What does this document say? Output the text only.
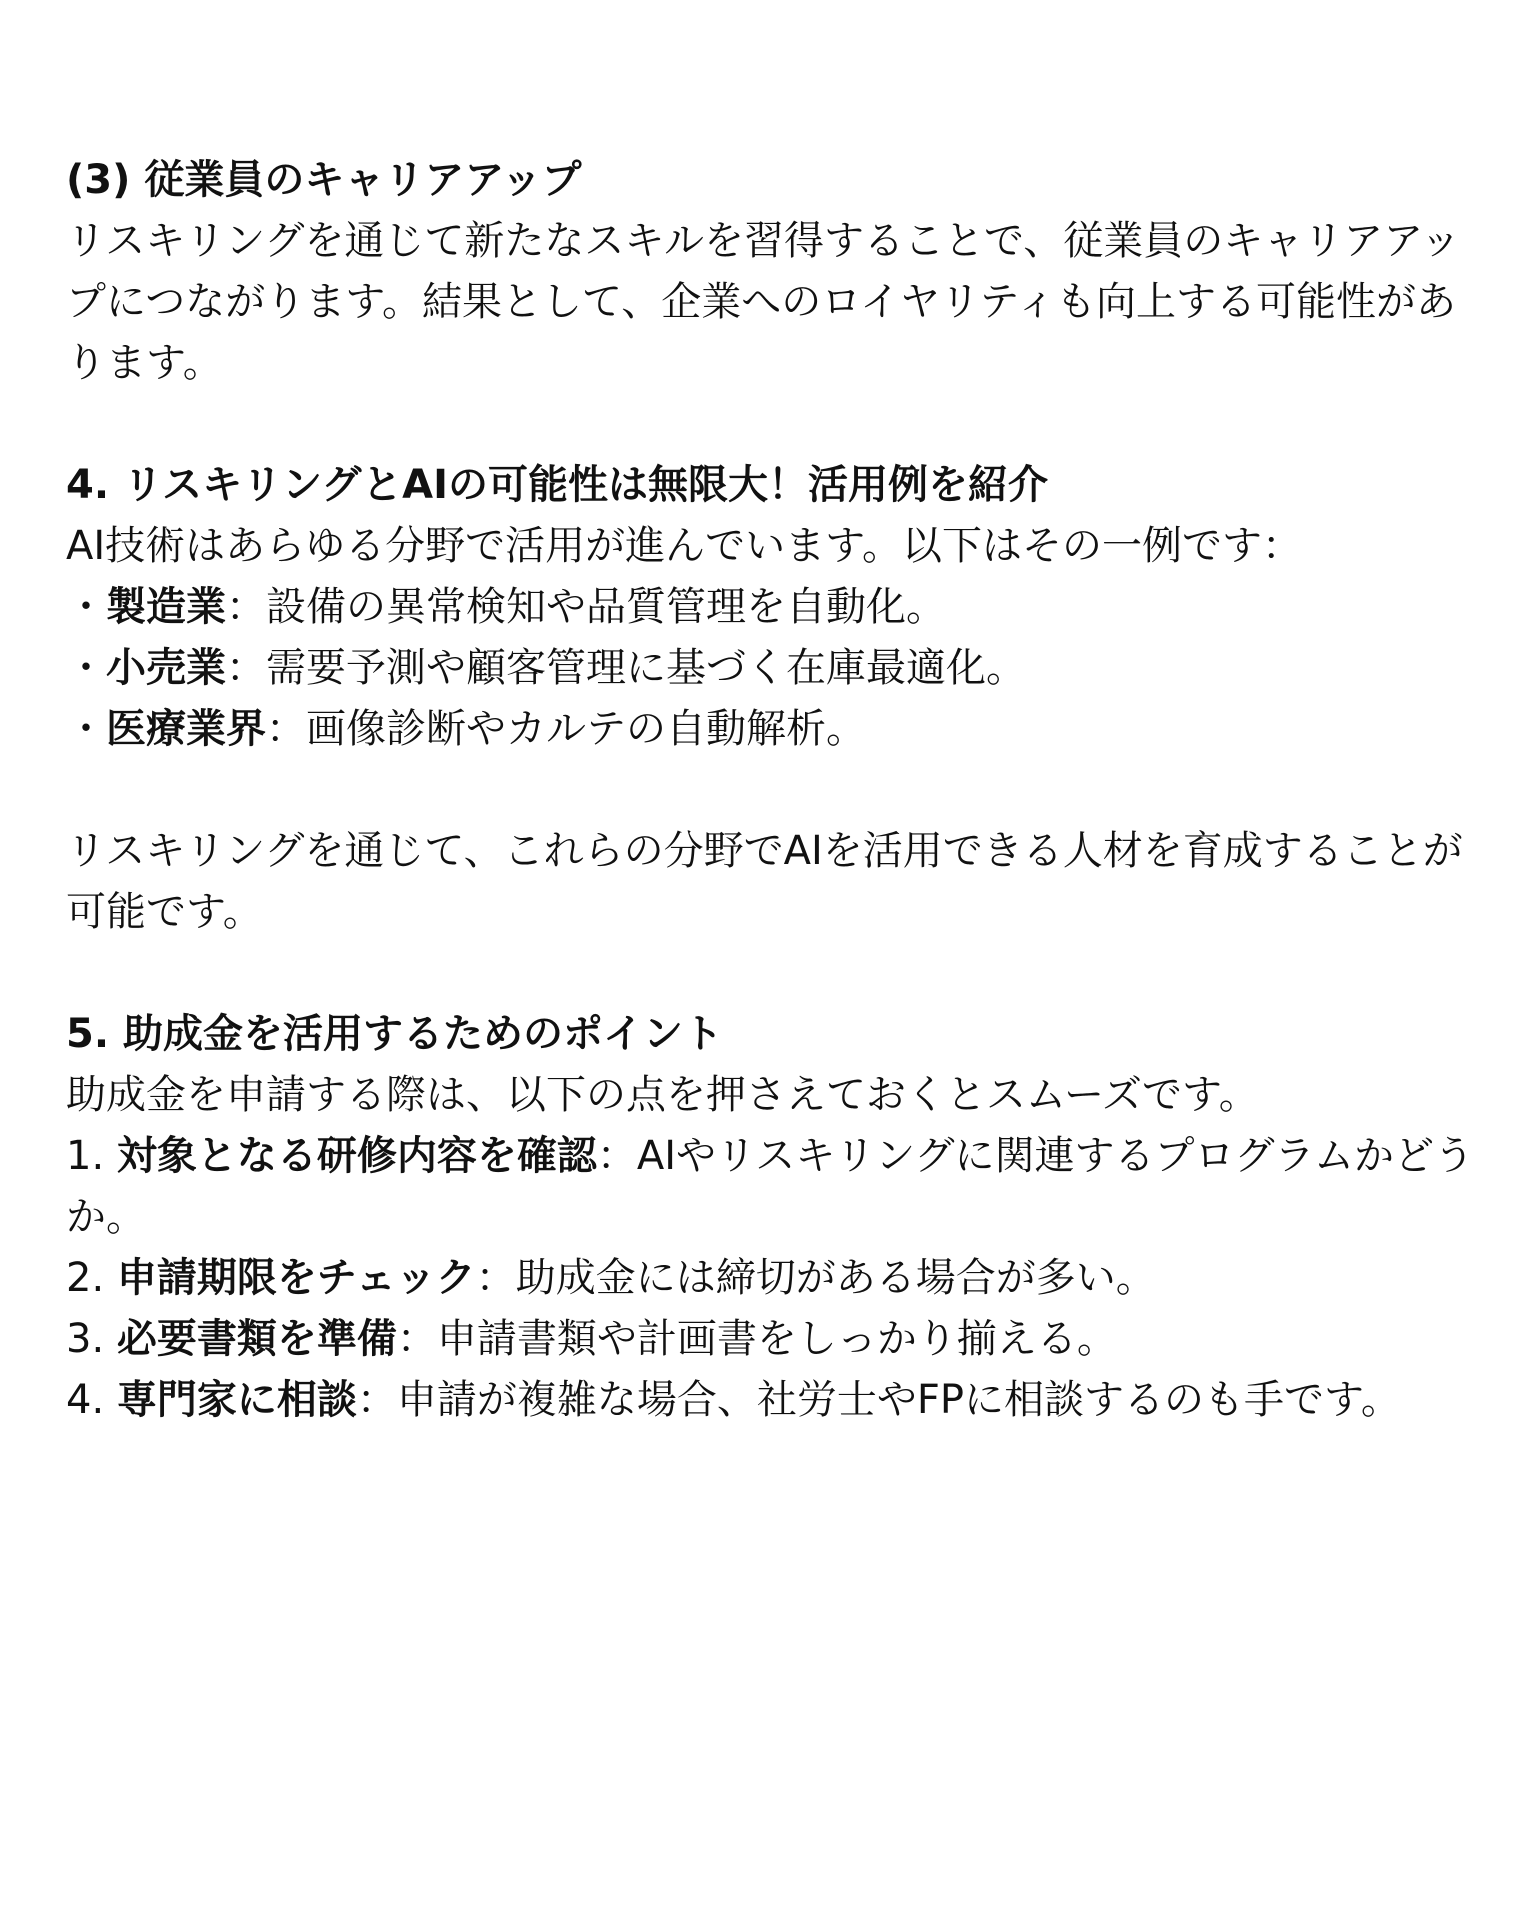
(3) 従業員のキャリアアップ

リスキリングを通じて新たなスキルを習得することで、従業員のキャリアアップにつながります。結果として、企業へのロイヤリティも向上する可能性があります。

4. リスキリングとAIの可能性は無限大！活用例を紹介

AI技術はあらゆる分野で活用が進んでいます。以下はその一例です：

・製造業：設備の異常検知や品質管理を自動化。
・小売業：需要予測や顧客管理に基づく在庫最適化。
・医療業界：画像診断やカルテの自動解析。

リスキリングを通じて、これらの分野でAIを活用できる人材を育成することが可能です。

5. 助成金を活用するためのポイント

助成金を申請する際は、以下の点を押さえておくとスムーズです。

1. 対象となる研修内容を確認：AIやリスキリングに関連するプログラムかどうか。
2. 申請期限をチェック：助成金には締切がある場合が多い。
3. 必要書類を準備：申請書類や計画書をしっかり揃える。
4. 専門家に相談：申請が複雑な場合、社労士やFPに相談するのも手です。
